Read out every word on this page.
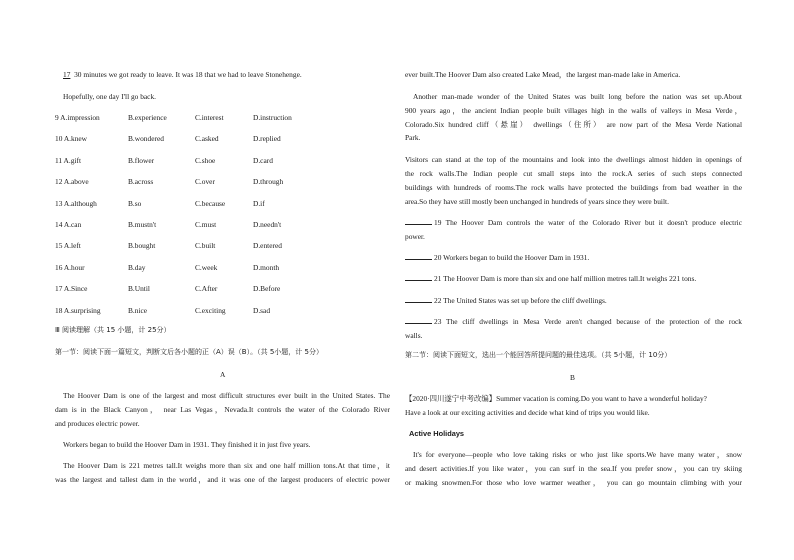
17 30 minutes we got ready to leave. It was 18 that we had to leave Stonehenge.
Hopefully, one day I'll go back.
9 A.impression	B.experience	C.interest	D.instruction
10 A.knew	B.wondered	C.asked	D.replied
11 A.gift	B.flower	C.shoe	D.card
12 A.above	B.across	C.over	D.through
13 A.although	B.so	C.because	D.if
14 A.can	B.mustn't	C.must	D.needn't
15 A.left	B.bought	C.built	D.entered
16 A.hour	B.day	C.week	D.month
17 A.Since	B.Until	C.After	D.Before
18 A.surprising	B.nice	C.exciting	D.sad
Ⅲ 阅读理解（共 15 小题，计 25分）
第一节：阅读下面一篇短文，判断文后各小题的正（A）误（B）。（共 5小题，计 5分）
A
The Hoover Dam is one of the largest and most difficult structures ever built in the United States. The
dam is in the Black Canyon， near Las Vegas，Nevada.It controls the water of the Colorado River
and produces electric power.
Workers began to build the Hoover Dam in 1931. They finished it in just five years.
The Hoover Dam is 221 metres tall.It weighs more than six and one half million tons.At that time，it
was the largest and tallest dam in the world，and it was one of the largest producers of electric power
ever built.The Hoover Dam also created Lake Mead，the largest man-made lake in America.
Another man-made wonder of the United States was built long before the nation was set up.About
900 years ago，the ancient Indian people built villages high in the walls of valleys in Mesa Verde，
Colorado.Six hundred cliff（悬崖） dwellings（住所） are now part of the Mesa Verde National
Park.
Visitors can stand at the top of the mountains and look into the dwellings almost hidden in openings of
the rock walls.The Indian people cut small steps into the rock.A series of such steps connected
buildings with hundreds of rooms.The rock walls have protected the buildings from bad weather in the
area.So they have still mostly been unchanged in hundreds of years since they were built.
19 The Hoover Dam controls the water of the Colorado River but it doesn't produce electric
power.
20 Workers began to build the Hoover Dam in 1931.
21 The Hoover Dam is more than six and one half million metres tall.It weighs 221 tons.
22 The United States was set up before the cliff dwellings.
23 The cliff dwellings in Mesa Verde aren't changed because of the protection of the rock
walls.
第二节：阅读下面短文，选出一个能回答所提问题的最佳选项。（共 5小题，计 10分）
B
【2020·四川遂宁中考改编】Summer vacation is coming.Do you want to have a wonderful holiday?
Have a look at our exciting activities and decide what kind of trips you would like.
Active Holidays
It's for everyone—people who love taking risks or who just like sports.We have many water，snow
and desert activities.If you like water，you can surf in the sea.If you prefer snow，you can try skiing
or making snowmen.For those who love warmer weather， you can go mountain climbing with your
